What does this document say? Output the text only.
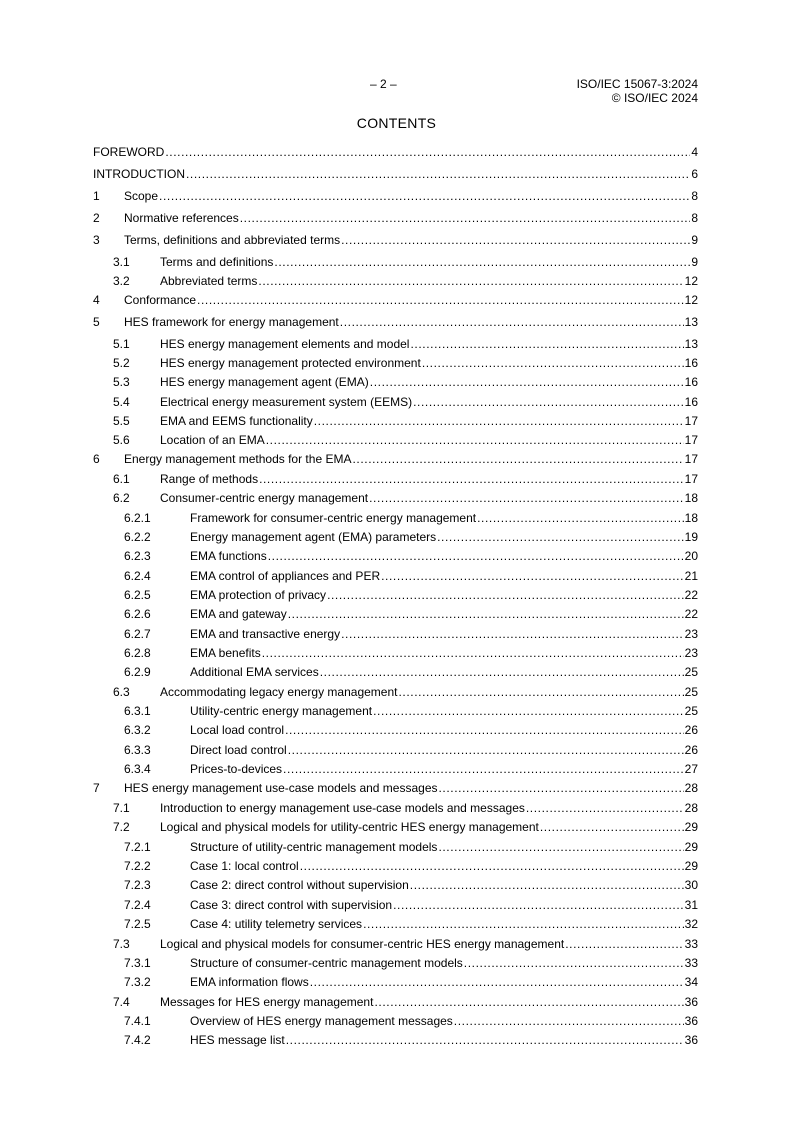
– 2 –	ISO/IEC 15067-3:2024
© ISO/IEC 2024
CONTENTS
FOREWORD .....	4
INTRODUCTION .....	6
1	Scope .....	8
2	Normative references .....	8
3	Terms, definitions and abbreviated terms .....	9
3.1	Terms and definitions .....	9
3.2	Abbreviated terms .....	12
4	Conformance .....	12
5	HES framework for energy management .....	13
5.1	HES energy management elements and model .....	13
5.2	HES energy management protected environment .....	16
5.3	HES energy management agent (EMA) .....	16
5.4	Electrical energy measurement system (EEMS) .....	16
5.5	EMA and EEMS functionality .....	17
5.6	Location of an EMA .....	17
6	Energy management methods for the EMA .....	17
6.1	Range of methods .....	17
6.2	Consumer-centric energy management .....	18
6.2.1	Framework for consumer-centric energy management .....	18
6.2.2	Energy management agent (EMA) parameters .....	19
6.2.3	EMA functions .....	20
6.2.4	EMA control of appliances and PER .....	21
6.2.5	EMA protection of privacy .....	22
6.2.6	EMA and gateway .....	22
6.2.7	EMA and transactive energy .....	23
6.2.8	EMA benefits .....	23
6.2.9	Additional EMA services .....	25
6.3	Accommodating legacy energy management .....	25
6.3.1	Utility-centric energy management .....	25
6.3.2	Local load control .....	26
6.3.3	Direct load control .....	26
6.3.4	Prices-to-devices .....	27
7	HES energy management use-case models and messages .....	28
7.1	Introduction to energy management use-case models and messages .....	28
7.2	Logical and physical models for utility-centric HES energy management .....	29
7.2.1	Structure of utility-centric management models .....	29
7.2.2	Case 1: local control .....	29
7.2.3	Case 2: direct control without supervision .....	30
7.2.4	Case 3: direct control with supervision .....	31
7.2.5	Case 4: utility telemetry services .....	32
7.3	Logical and physical models for consumer-centric HES energy management .....	33
7.3.1	Structure of consumer-centric management models .....	33
7.3.2	EMA information flows .....	34
7.4	Messages for HES energy management .....	36
7.4.1	Overview of HES energy management messages .....	36
7.4.2	HES message list .....	36
